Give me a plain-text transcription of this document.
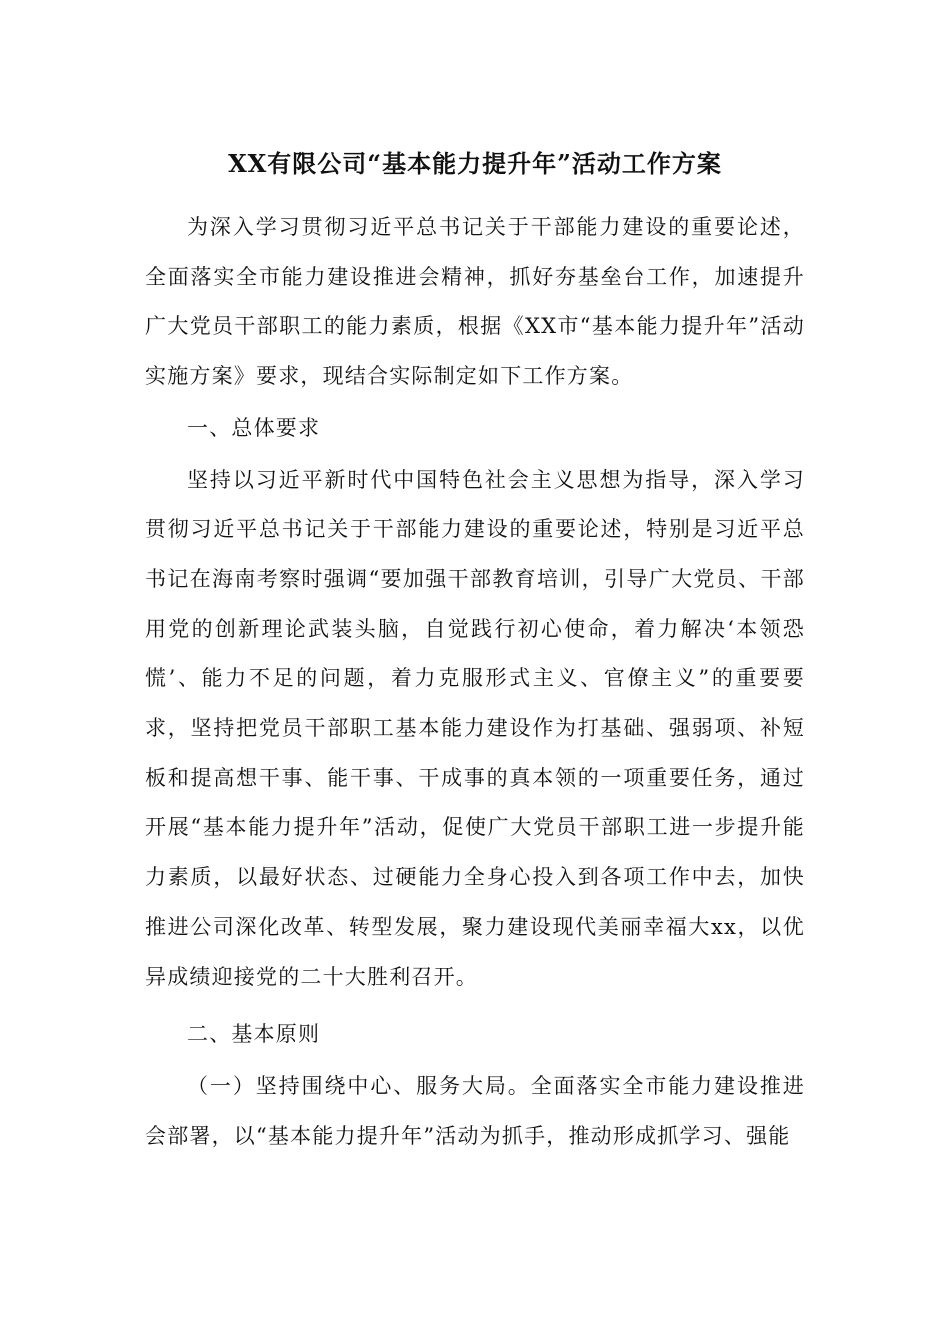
XX有限公司“基本能力提升年”活动工作方案

为深入学习贯彻习近平总书记关于干部能力建设的重要论述，全面落实全市能力建设推进会精神，抓好夯基垒台工作，加速提升广大党员干部职工的能力素质，根据《XX市“基本能力提升年”活动实施方案》要求，现结合实际制定如下工作方案。

一、总体要求

坚持以习近平新时代中国特色社会主义思想为指导，深入学习贯彻习近平总书记关于干部能力建设的重要论述，特别是习近平总书记在海南考察时强调“要加强干部教育培训，引导广大党员、干部用党的创新理论武装头脑，自觉践行初心使命，着力解决‘本领恐慌’、能力不足的问题，着力克服形式主义、官僚主义”的重要要求，坚持把党员干部职工基本能力建设作为打基础、强弱项、补短板和提高想干事、能干事、干成事的真本领的一项重要任务，通过开展“基本能力提升年”活动，促使广大党员干部职工进一步提升能力素质，以最好状态、过硬能力全身心投入到各项工作中去，加快推进公司深化改革、转型发展，聚力建设现代美丽幸福大xx，以优异成绩迎接党的二十大胜利召开。

二、基本原则

（一）坚持围绕中心、服务大局。全面落实全市能力建设推进会部署，以“基本能力提升年”活动为抓手，推动形成抓学习、强能
